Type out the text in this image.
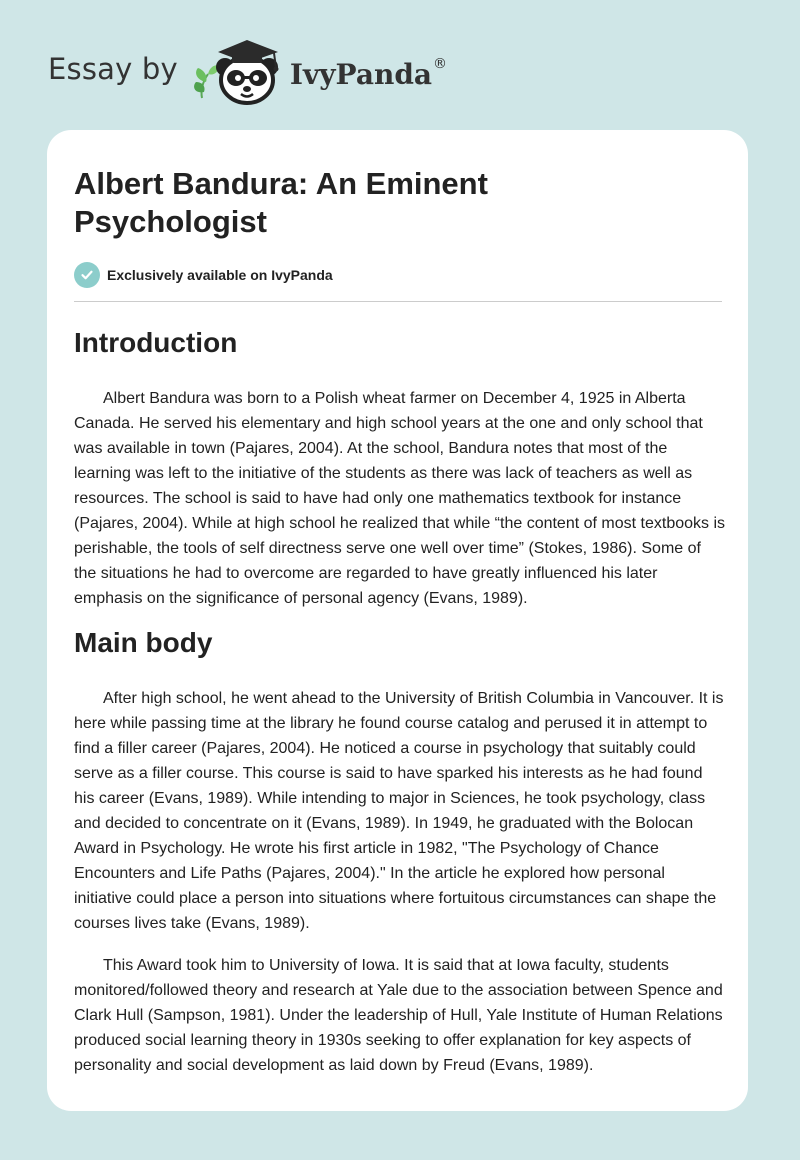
Essay by	IvyPanda ®
Albert Bandura: An Eminent Psychologist
Exclusively available on IvyPanda
Introduction

Albert Bandura was born to a Polish wheat farmer on December 4, 1925 in Alberta Canada. He served his elementary and high school years at the one and only school that was available in town (Pajares, 2004). At the school, Bandura notes that most of the learning was left to the initiative of the students as there was lack of teachers as well as resources. The school is said to have had only one mathematics textbook for instance (Pajares, 2004). While at high school he realized that while “the content of most textbooks is perishable, the tools of self directness serve one well over time” (Stokes, 1986). Some of the situations he had to overcome are regarded to have greatly influenced his later emphasis on the significance of personal agency (Evans, 1989).

Main body

After high school, he went ahead to the University of British Columbia in Vancouver. It is here while passing time at the library he found course catalog and perused it in attempt to find a filler career (Pajares, 2004). He noticed a course in psychology that suitably could serve as a filler course. This course is said to have sparked his interests as he had found his career (Evans, 1989). While intending to major in Sciences, he took psychology, class and decided to concentrate on it (Evans, 1989). In 1949, he graduated with the Bolocan Award in Psychology. He wrote his first article in 1982, "The Psychology of Chance Encounters and Life Paths (Pajares, 2004)." In the article he explored how personal initiative could place a person into situations where fortuitous circumstances can shape the courses lives take (Evans, 1989).

This Award took him to University of Iowa. It is said that at Iowa faculty, students monitored/followed theory and research at Yale due to the association between Spence and Clark Hull (Sampson, 1981). Under the leadership of Hull, Yale Institute of Human Relations produced social learning theory in 1930s seeking to offer explanation for key aspects of personality and social development as laid down by Freud (Evans, 1989).
